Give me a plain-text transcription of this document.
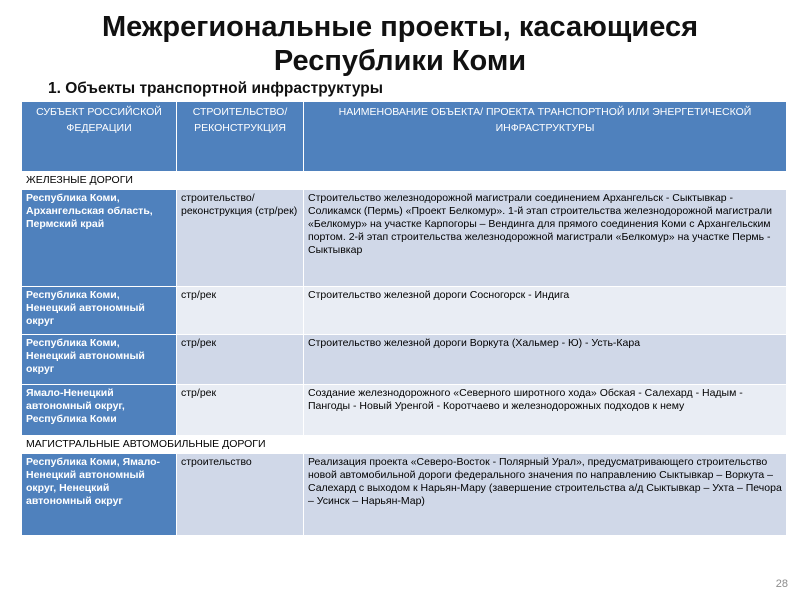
Межрегиональные проекты, касающиеся
Республики Коми
1. Объекты транспортной инфраструктуры
СУБЪЕКТ РОССИЙСКОЙ ФЕДЕРАЦИИ	СТРОИТЕЛЬСТВО/ РЕКОНСТРУКЦИЯ	НАИМЕНОВАНИЕ ОБЪЕКТА/ ПРОЕКТА ТРАНСПОРТНОЙ ИЛИ ЭНЕРГЕТИЧЕСКОЙ ИНФРАСТРУКТУРЫ
ЖЕЛЕЗНЫЕ ДОРОГИ		
Республика Коми, Архангельская область, Пермский край	строительство/ реконструкция (стр/рек)	Строительство железнодорожной магистрали соединением Архангельск - Сыктывкар - Соликамск (Пермь) «Проект Белкомур». 1-й этап строительства железнодорожной магистрали «Белкомур» на участке Карпогоры – Вендинга для прямого соединения Коми с Архангельским портом. 2-й этап строительства железнодорожной магистрали «Белкомур» на участке Пермь - Сыктывкар
Республика Коми, Ненецкий автономный округ	стр/рек	Строительство железной дороги Сосногорск - Индига
Республика Коми, Ненецкий автономный округ	стр/рек	Строительство железной дороги Воркута (Хальмер - Ю) - Усть-Кара
Ямало-Ненецкий автономный округ, Республика Коми	стр/рек	Создание железнодорожного «Северного широтного хода» Обская - Салехард - Надым - Пангоды - Новый Уренгой - Коротчаево и железнодорожных подходов к нему
МАГИСТРАЛЬНЫЕ АВТОМОБИЛЬНЫЕ ДОРОГИ		
Республика Коми, Ямало-Ненецкий автономный округ, Ненецкий автономный округ	строительство	Реализация проекта «Северо-Восток - Полярный Урал», предусматривающего строительство новой автомобильной дороги федерального значения по направлению Сыктывкар – Воркута – Салехард с выходом к Нарьян-Мару (завершение строительства а/д Сыктывкар – Ухта – Печора – Усинск – Нарьян-Мар)
28
